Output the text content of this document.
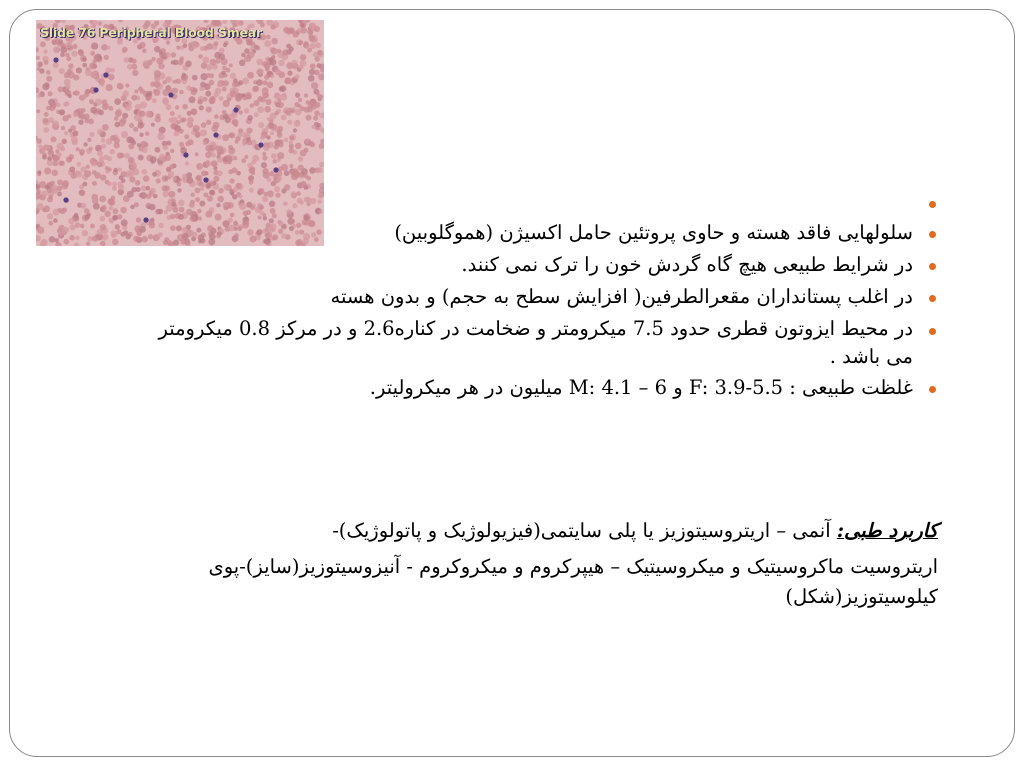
Slide 76 Peripheral Blood Smear
سلولهایی فاقد هسته و حاوی پروتئین حامل اکسیژن (هموگلوبین)
در شرایط طبیعی هیچ گاه گردش خون را ترک نمی کنند.
در اغلب پستانداران مقعرالطرفین( افزایش سطح به حجم) و بدون هسته
در محیط ایزوتون قطری حدود 7.5 میکرومتر و ضخامت در کناره2.6 و در مرکز 0.8 میکرومتر می باشد .
غلظت طبیعی : F: 3.9-5.5 و M: 4.1 – 6 میلیون در هر میکرولیتر.

کاربرد طبی: آنمی – اریتروسیتوزیز یا پلی سایتمی(فیزیولوژیک و پاتولوژیک)-

اریتروسیت ماکروسیتیک و میکروسیتیک – هیپرکروم و میکروکروم - آنیزوسیتوزیز(سایز)-پوی کیلوسیتوزیز(شکل)
